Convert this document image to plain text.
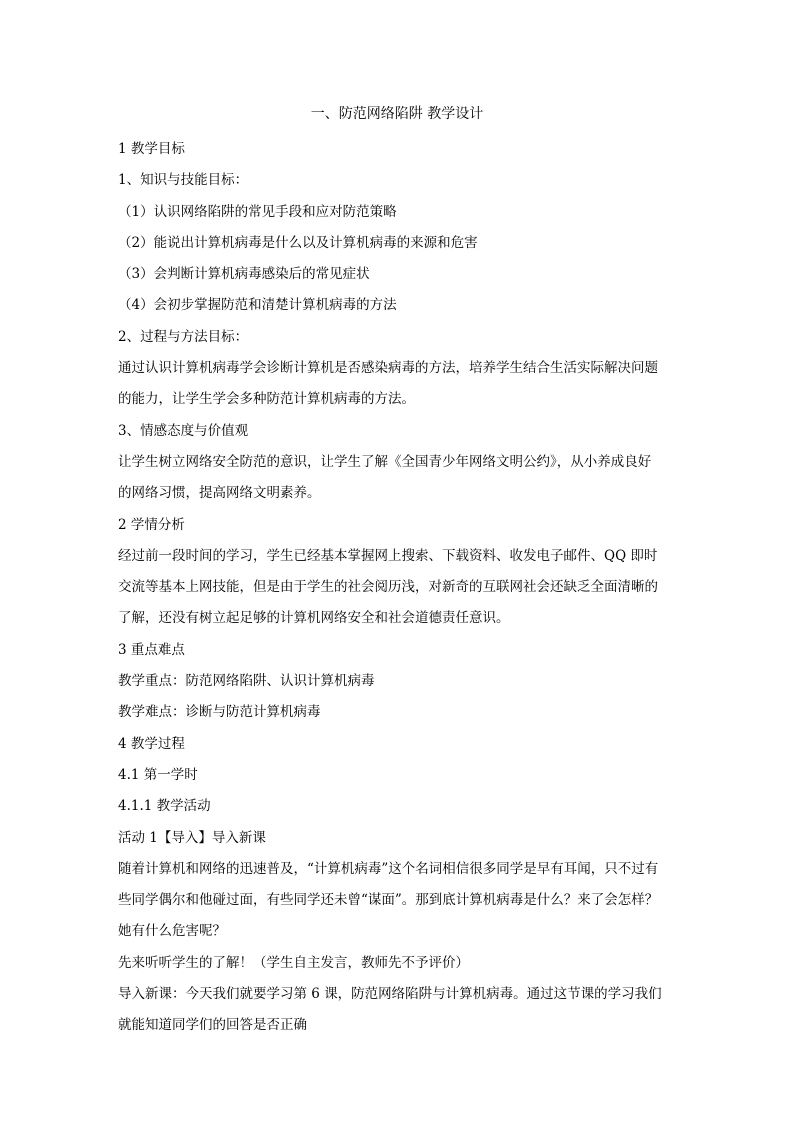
一、防范网络陷阱 教学设计
1 教学目标
1、知识与技能目标：
（1）认识网络陷阱的常见手段和应对防范策略
（2）能说出计算机病毒是什么以及计算机病毒的来源和危害
（3）会判断计算机病毒感染后的常见症状
（4）会初步掌握防范和清楚计算机病毒的方法
2、过程与方法目标：
通过认识计算机病毒学会诊断计算机是否感染病毒的方法，培养学生结合生活实际解决问题
的能力，让学生学会多种防范计算机病毒的方法。
3、情感态度与价值观
让学生树立网络安全防范的意识，让学生了解《全国青少年网络文明公约》，从小养成良好
的网络习惯，提高网络文明素养。
2 学情分析
经过前一段时间的学习，学生已经基本掌握网上搜索、下载资料、收发电子邮件、QQ 即时
交流等基本上网技能，但是由于学生的社会阅历浅，对新奇的互联网社会还缺乏全面清晰的
了解，还没有树立起足够的计算机网络安全和社会道德责任意识。
3 重点难点
教学重点：防范网络陷阱、认识计算机病毒
教学难点：诊断与防范计算机病毒
4 教学过程
4.1 第一学时
4.1.1 教学活动
活动 1【导入】导入新课
随着计算机和网络的迅速普及，“计算机病毒”这个名词相信很多同学是早有耳闻，只不过有
些同学偶尔和他碰过面，有些同学还未曾“谋面”。那到底计算机病毒是什么？来了会怎样？
她有什么危害呢？
先来听听学生的了解！（学生自主发言，教师先不予评价）
导入新课：今天我们就要学习第 6 课，防范网络陷阱与计算机病毒。通过这节课的学习我们
就能知道同学们的回答是否正确
